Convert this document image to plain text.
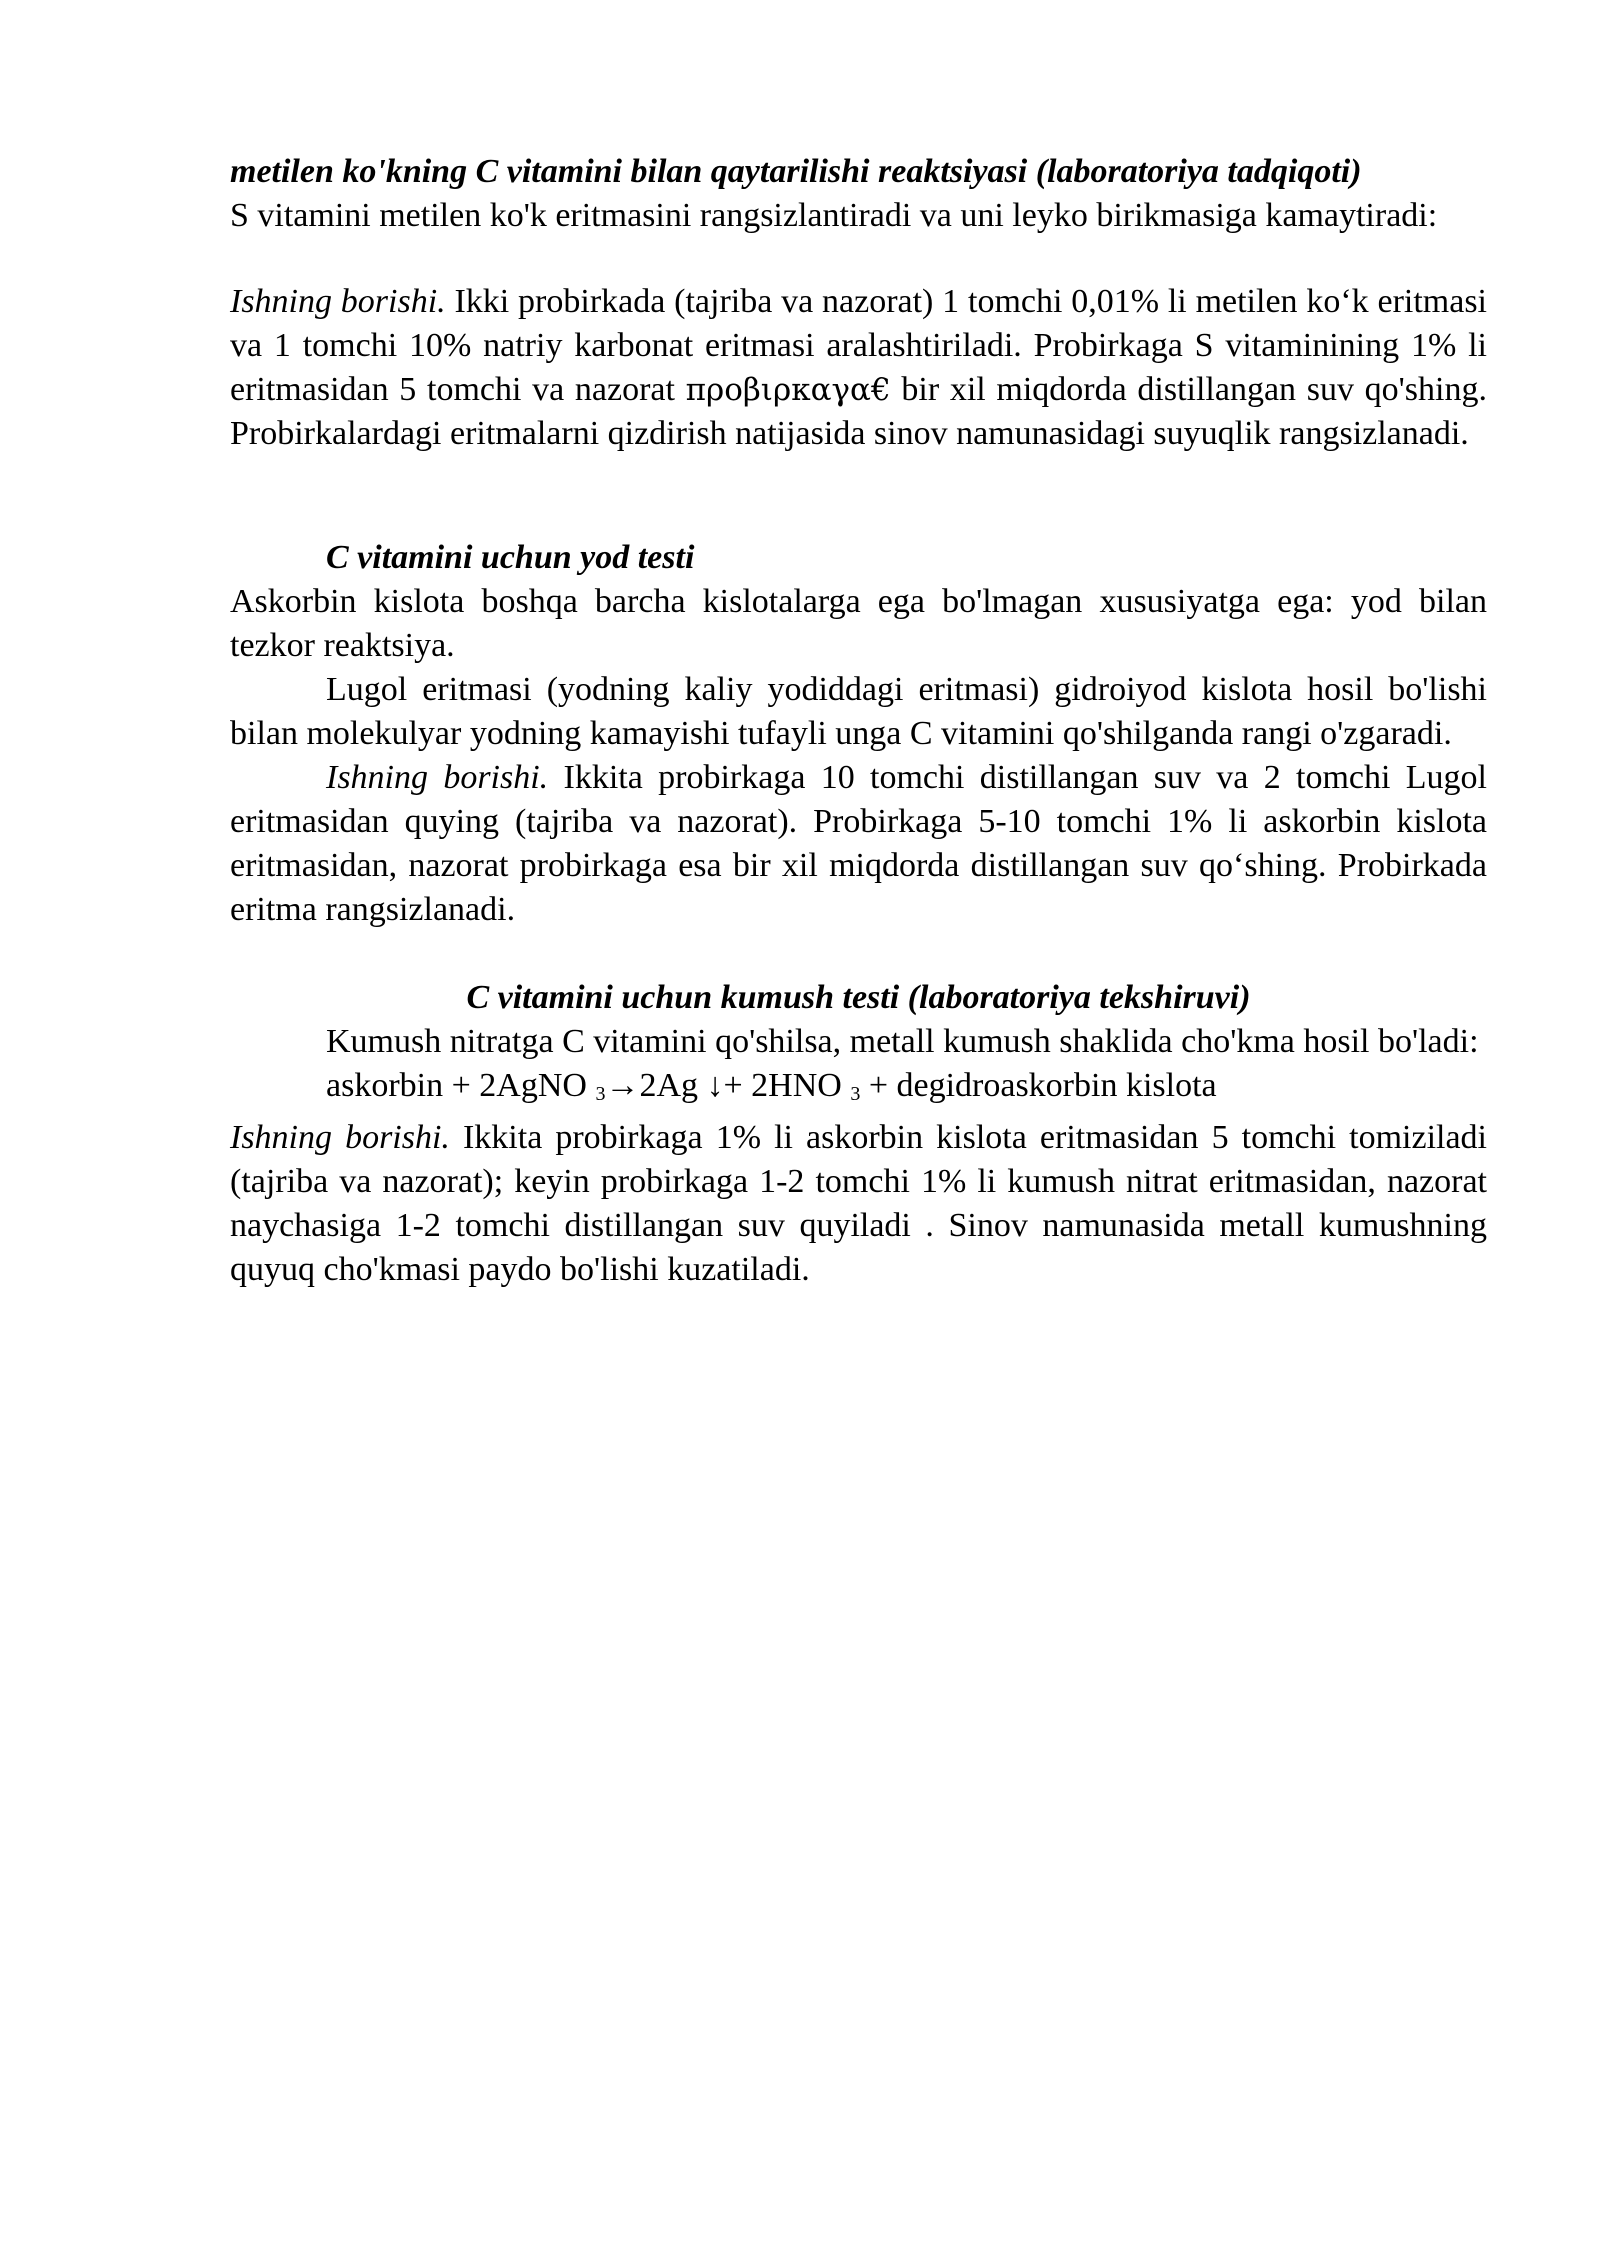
metilen ko'kning C vitamini bilan qaytarilishi reaktsiyasi (laboratoriya tadqiqoti)

S vitamini metilen ko'k eritmasini rangsizlantiradi va uni leyko birikmasiga kamaytiradi:

Ishning borishi. Ikki probirkada (tajriba va nazorat) 1 tomchi 0,01% li metilen ko‘k eritmasi va 1 tomchi 10% natriy karbonat eritmasi aralashtiriladi. Probirkaga S vitaminining 1% li eritmasidan 5 tomchi va nazorat προβιρκαγα€ bir xil miqdorda distillangan suv qo'shing. Probirkalardagi eritmalarni qizdirish natijasida sinov namunasidagi suyuqlik rangsizlanadi.

C vitamini uchun yod testi

Askorbin kislota boshqa barcha kislotalarga ega bo'lmagan xususiyatga ega: yod bilan tezkor reaktsiya.

Lugol eritmasi (yodning kaliy yodiddagi eritmasi) gidroiyod kislota hosil bo'lishi bilan molekulyar yodning kamayishi tufayli unga C vitamini qo'shilganda rangi o'zgaradi.

Ishning borishi. Ikkita probirkaga 10 tomchi distillangan suv va 2 tomchi Lugol eritmasidan quying (tajriba va nazorat). Probirkaga 5-10 tomchi 1% li askorbin kislota eritmasidan, nazorat probirkaga esa bir xil miqdorda distillangan suv qo‘shing. Probirkada eritma rangsizlanadi.

C vitamini uchun kumush testi (laboratoriya tekshiruvi)

Kumush nitratga C vitamini qo'shilsa, metall kumush shaklida cho'kma hosil bo'ladi:

askorbin + 2AgNO $_3$→2Ag ↓+ 2HNO $_3$ + degidroaskorbin kislota

Ishning borishi. Ikkita probirkaga 1% li askorbin kislota eritmasidan 5 tomchi tomiziladi (tajriba va nazorat); keyin probirkaga 1-2 tomchi 1% li kumush nitrat eritmasidan, nazorat naychasiga 1-2 tomchi distillangan suv quyiladi . Sinov namunasida metall kumushning quyuq cho'kmasi paydo bo'lishi kuzatiladi.
